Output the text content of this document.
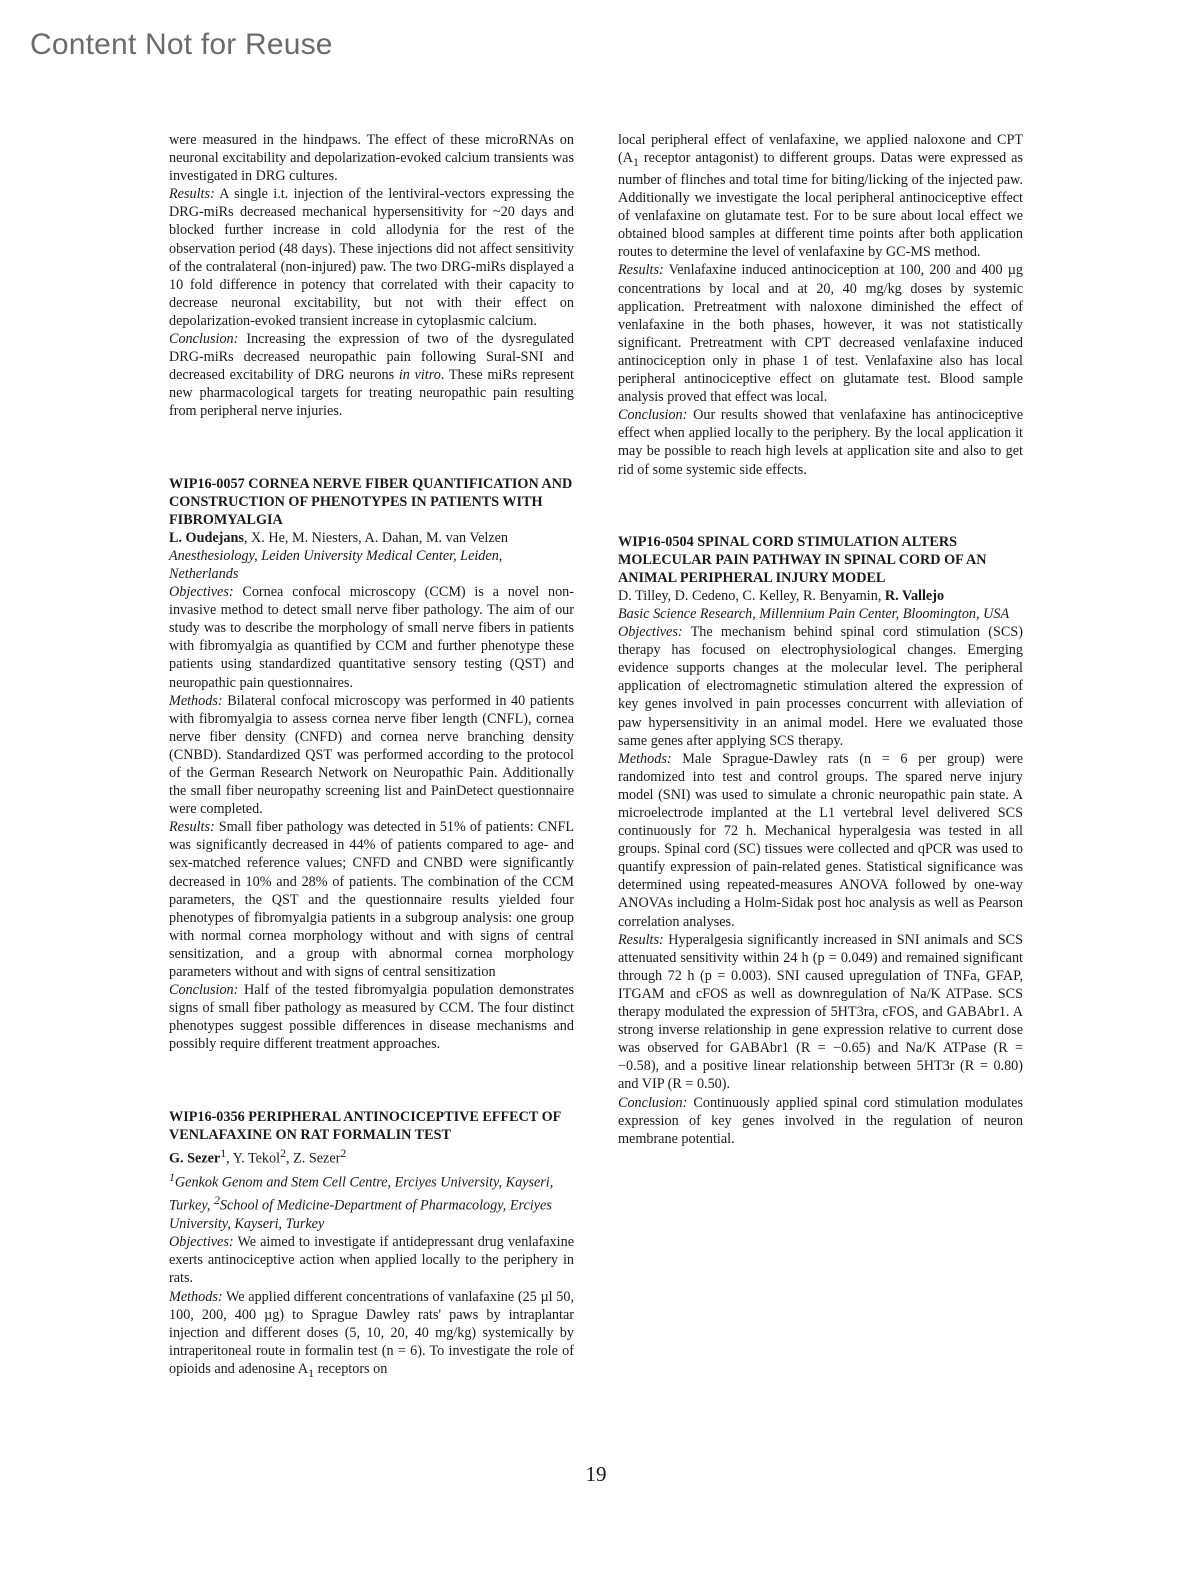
Content Not for Reuse

were measured in the hindpaws. The effect of these microRNAs on neuronal excitability and depolarization-evoked calcium transients was investigated in DRG cultures.

Results: A single i.t. injection of the lentiviral-vectors expressing the DRG-miRs decreased mechanical hypersensitivity for ~20 days and blocked further increase in cold allodynia for the rest of the observation period (48 days). These injections did not affect sensitivity of the contralateral (non-injured) paw. The two DRG-miRs displayed a 10 fold difference in potency that correlated with their capacity to decrease neuronal excitability, but not with their effect on depolarization-evoked transient increase in cytoplasmic calcium.

Conclusion: Increasing the expression of two of the dysregulated DRG-miRs decreased neuropathic pain following Sural-SNI and decreased excitability of DRG neurons in vitro. These miRs represent new pharmacological targets for treating neuropathic pain resulting from peripheral nerve injuries.

WIP16-0057 CORNEA NERVE FIBER QUANTIFICATION AND CONSTRUCTION OF PHENOTYPES IN PATIENTS WITH FIBROMYALGIA

L. Oudejans, X. He, M. Niesters, A. Dahan, M. van Velzen

Anesthesiology, Leiden University Medical Center, Leiden, Netherlands

Objectives: Cornea confocal microscopy (CCM) is a novel non-invasive method to detect small nerve fiber pathology. The aim of our study was to describe the morphology of small nerve fibers in patients with fibromyalgia as quantified by CCM and further phenotype these patients using standardized quantitative sensory testing (QST) and neuropathic pain questionnaires.

Methods: Bilateral confocal microscopy was performed in 40 patients with fibromyalgia to assess cornea nerve fiber length (CNFL), cornea nerve fiber density (CNFD) and cornea nerve branching density (CNBD). Standardized QST was performed according to the protocol of the German Research Network on Neuropathic Pain. Additionally the small fiber neuropathy screening list and PainDetect questionnaire were completed.

Results: Small fiber pathology was detected in 51% of patients: CNFL was significantly decreased in 44% of patients compared to age- and sex-matched reference values; CNFD and CNBD were significantly decreased in 10% and 28% of patients. The combination of the CCM parameters, the QST and the questionnaire results yielded four phenotypes of fibromyalgia patients in a subgroup analysis: one group with normal cornea morphology without and with signs of central sensitization, and a group with abnormal cornea morphology parameters without and with signs of central sensitization

Conclusion: Half of the tested fibromyalgia population demonstrates signs of small fiber pathology as measured by CCM. The four distinct phenotypes suggest possible differences in disease mechanisms and possibly require different treatment approaches.

WIP16-0356 PERIPHERAL ANTINOCICEPTIVE EFFECT OF VENLAFAXINE ON RAT FORMALIN TEST

G. Sezer$^1$, Y. Tekol$^2$, Z. Sezer$^2$

$^1$Genkok Genom and Stem Cell Centre, Erciyes University, Kayseri, Turkey, $^2$School of Medicine-Department of Pharmacology, Erciyes University, Kayseri, Turkey

Objectives: We aimed to investigate if antidepressant drug venlafaxine exerts antinociceptive action when applied locally to the periphery in rats.

Methods: We applied different concentrations of vanlafaxine (25 µl 50, 100, 200, 400 µg) to Sprague Dawley rats' paws by intraplantar injection and different doses (5, 10, 20, 40 mg/kg) systemically by intraperitoneal route in formalin test (n = 6). To investigate the role of opioids and adenosine $A_1$ receptors on

local peripheral effect of venlafaxine, we applied naloxone and CPT ($A_1$ receptor antagonist) to different groups. Datas were expressed as number of flinches and total time for biting/licking of the injected paw. Additionally we investigate the local peripheral antinociceptive effect of venlafaxine on glutamate test. For to be sure about local effect we obtained blood samples at different time points after both application routes to determine the level of venlafaxine by GC-MS method.

Results: Venlafaxine induced antinociception at 100, 200 and 400 µg concentrations by local and at 20, 40 mg/kg doses by systemic application. Pretreatment with naloxone diminished the effect of venlafaxine in the both phases, however, it was not statistically significant. Pretreatment with CPT decreased venlafaxine induced antinociception only in phase 1 of test. Venlafaxine also has local peripheral antinociceptive effect on glutamate test. Blood sample analysis proved that effect was local.

Conclusion: Our results showed that venlafaxine has antinociceptive effect when applied locally to the periphery. By the local application it may be possible to reach high levels at application site and also to get rid of some systemic side effects.

WIP16-0504 SPINAL CORD STIMULATION ALTERS MOLECULAR PAIN PATHWAY IN SPINAL CORD OF AN ANIMAL PERIPHERAL INJURY MODEL

D. Tilley, D. Cedeno, C. Kelley, R. Benyamin, R. Vallejo

Basic Science Research, Millennium Pain Center, Bloomington, USA

Objectives: The mechanism behind spinal cord stimulation (SCS) therapy has focused on electrophysiological changes. Emerging evidence supports changes at the molecular level. The peripheral application of electromagnetic stimulation altered the expression of key genes involved in pain processes concurrent with alleviation of paw hypersensitivity in an animal model. Here we evaluated those same genes after applying SCS therapy.

Methods: Male Sprague-Dawley rats (n = 6 per group) were randomized into test and control groups. The spared nerve injury model (SNI) was used to simulate a chronic neuropathic pain state. A microelectrode implanted at the L1 vertebral level delivered SCS continuously for 72 h. Mechanical hyperalgesia was tested in all groups. Spinal cord (SC) tissues were collected and qPCR was used to quantify expression of pain-related genes. Statistical significance was determined using repeated-measures ANOVA followed by one-way ANOVAs including a Holm-Sidak post hoc analysis as well as Pearson correlation analyses.

Results: Hyperalgesia significantly increased in SNI animals and SCS attenuated sensitivity within 24 h (p = 0.049) and remained significant through 72 h (p = 0.003). SNI caused upregulation of TNFa, GFAP, ITGAM and cFOS as well as downregulation of Na/K ATPase. SCS therapy modulated the expression of 5HT3ra, cFOS, and GABAbr1. A strong inverse relationship in gene expression relative to current dose was observed for GABAbr1 (R = −0.65) and Na/K ATPase (R = −0.58), and a positive linear relationship between 5HT3r (R = 0.80) and VIP (R = 0.50).

Conclusion: Continuously applied spinal cord stimulation modulates expression of key genes involved in the regulation of neuron membrane potential.

19
